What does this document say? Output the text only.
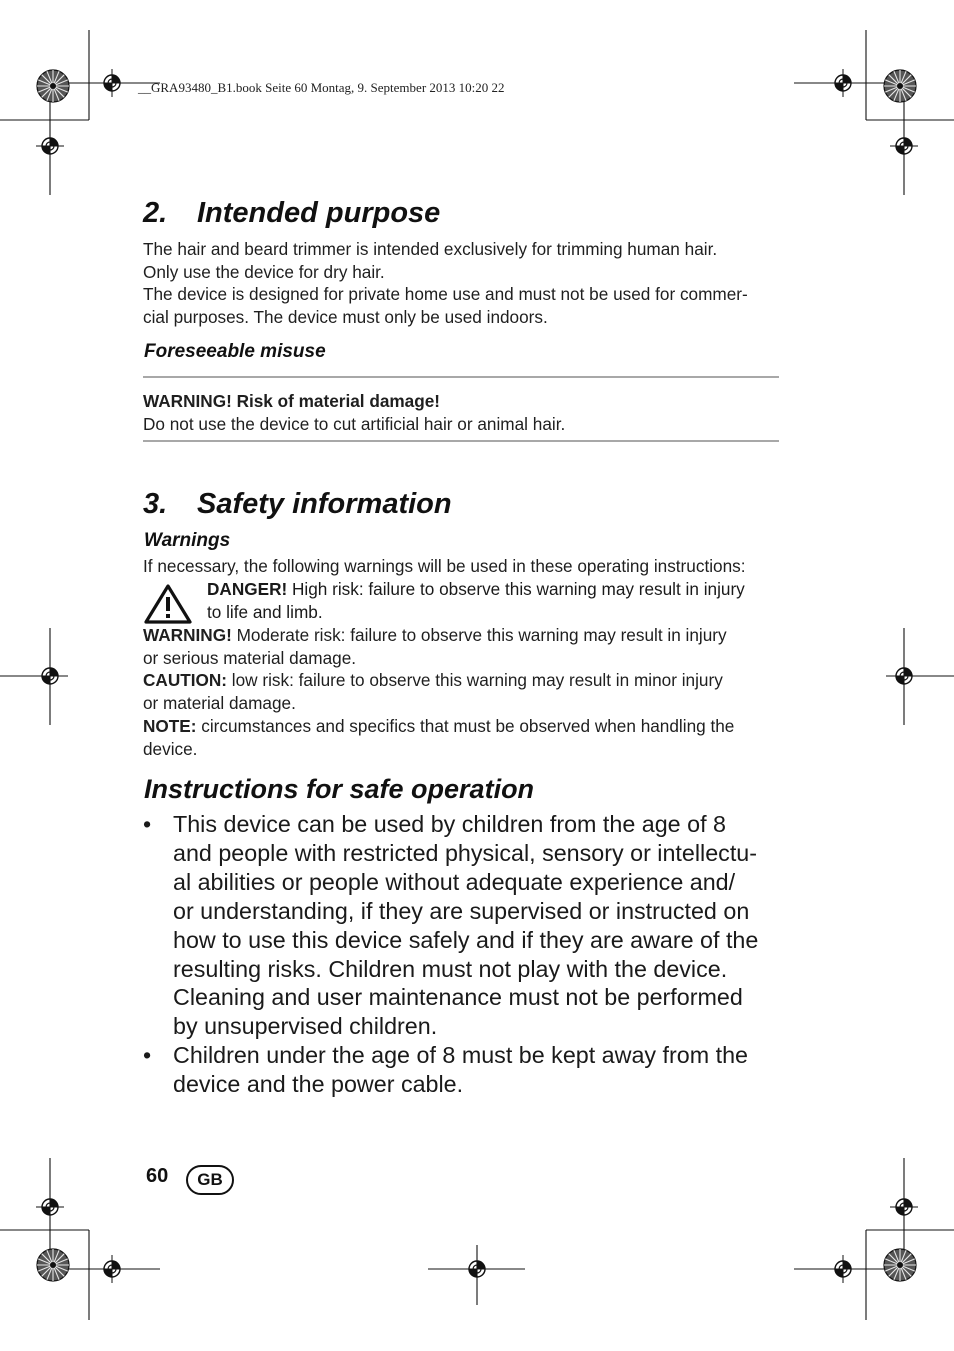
__GRA93480_B1.book Seite 60 Montag, 9. September 2013 10:20 22
2. Intended purpose

The hair and beard trimmer is intended exclusively for trimming human hair.

Only use the device for dry hair.

The device is designed for private home use and must not be used for commer-

cial purposes. The device must only be used indoors.

Foreseeable misuse

WARNING! Risk of material damage!

Do not use the device to cut artificial hair or animal hair.

3. Safety information
Warnings
If necessary, the following warnings will be used in these operating instructions:
DANGER! High risk: failure to observe this warning may result in injury
to life and limb.

WARNING! Moderate risk: failure to observe this warning may result in injury

or serious material damage.

CAUTION: low risk: failure to observe this warning may result in minor injury

or material damage.

NOTE: circumstances and specifics that must be observed when handling the

device.

Instructions for safe operation
• This device can be used by children from the age of 8
and people with restricted physical, sensory or intellectu-
al abilities or people without adequate experience and/
or understanding, if they are supervised or instructed on
how to use this device safely and if they are aware of the
resulting risks. Children must not play with the device.
Cleaning and user maintenance must not be performed
by unsupervised children.
• Children under the age of 8 must be kept away from the
device and the power cable.
60	GB
